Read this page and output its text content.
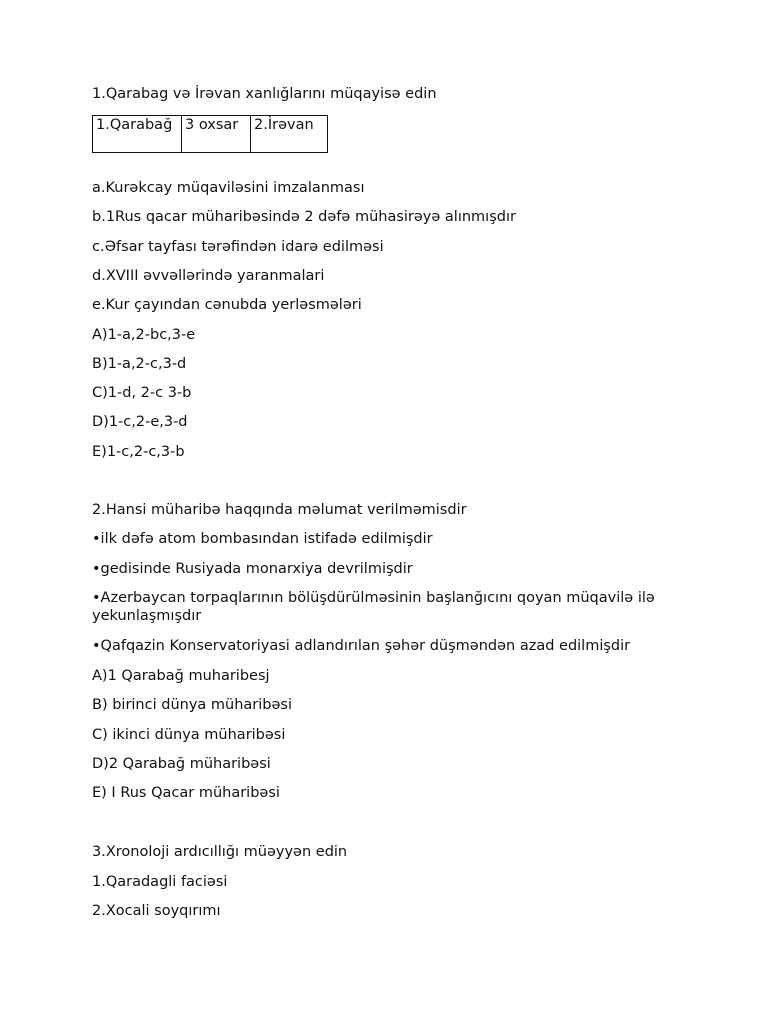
1.Qarabag və İrəvan xanlığlarını müqayisə edin
1.Qarabağ	3 oxsar	2.İrəvan
a.Kurəkcay müqaviləsini imzalanması
b.1Rus qacar müharibəsində 2 dəfə mühasirəyə alınmışdır
c.Əfsar tayfası tərəfindən idarə edilməsi
d.XVIII əvvəllərində yaranmalari
e.Kur çayından cənubda yerləsmələri
A)1-a,2-bc,3-e
B)1-a,2-c,3-d
C)1-d, 2-c 3-b
D)1-c,2-e,3-d
E)1-c,2-c,3-b
2.Hansi müharibə haqqında məlumat verilməmisdir
•ilk dəfə atom bombasından istifadə edilmişdir
•gedisinde Rusiyada monarxiya devrilmişdir
•Azerbaycan torpaqlarının bölüşdürülməsinin başlanğıcını qoyan müqavilə ilə yekunlaşmışdır
•Qafqazin Konservatoriyasi adlandırılan şəhər düşməndən azad edilmişdir
A)1 Qarabağ muharibesj
B) birinci dünya müharibəsi
C) ikinci dünya müharibəsi
D)2 Qarabağ müharibəsi
E) I Rus Qacar müharibəsi
3.Xronoloji ardıcıllığı müəyyən edin
1.Qaradagli faciəsi
2.Xocali soyqırımı
